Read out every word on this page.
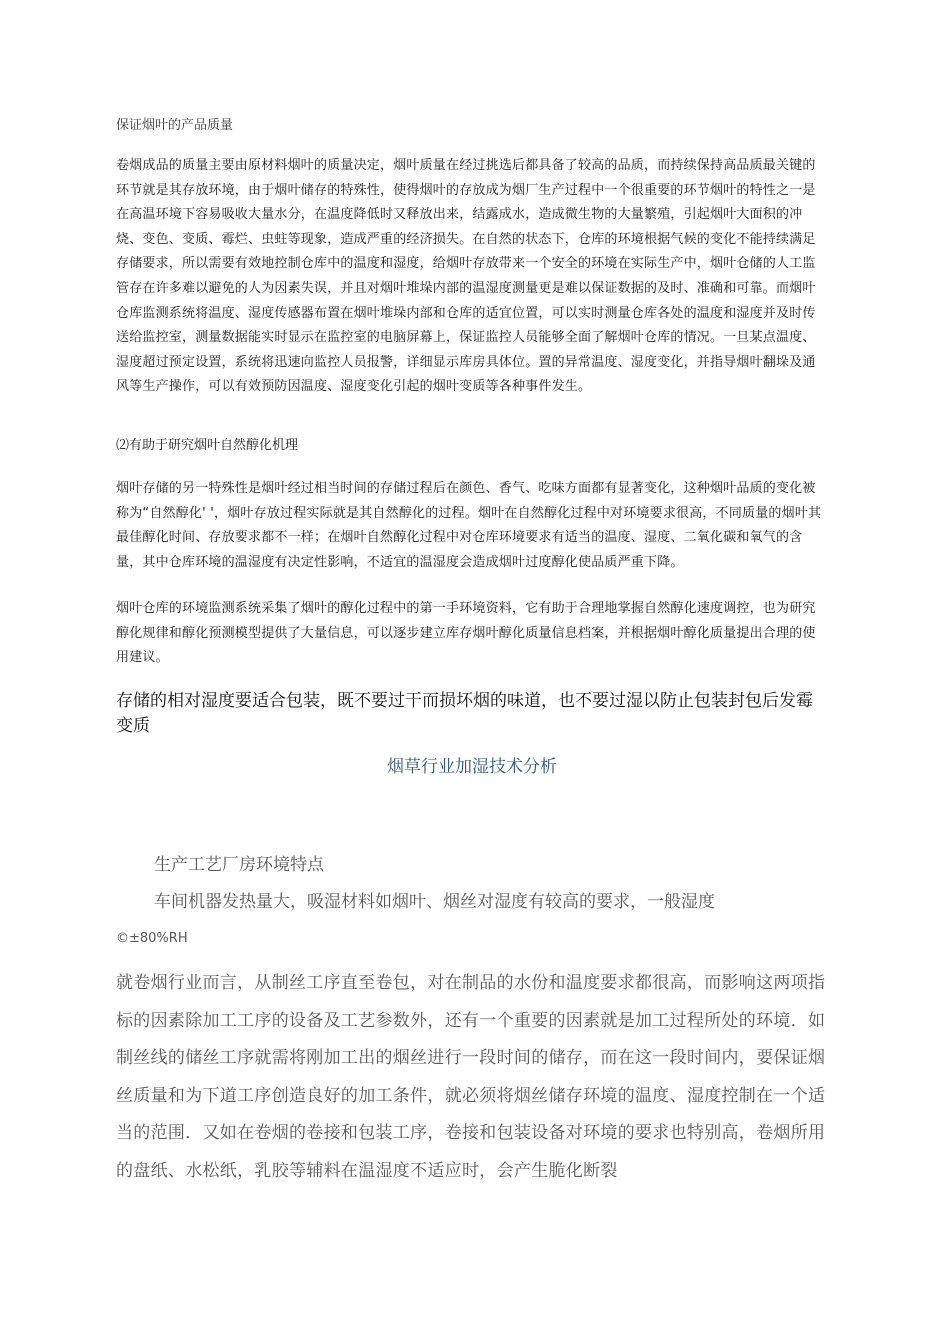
保证烟叶的产品质量

卷烟成品的质量主要由原材料烟叶的质量决定，烟叶质量在经过挑选后都具备了较高的品质，而持续保持高品质最关键的环节就是其存放环境，由于烟叶储存的特殊性，使得烟叶的存放成为烟厂生产过程中一个很重要的环节烟叶的特性之一是在高温环境下容易吸收大量水分，在温度降低时又释放出来，结露成水，造成微生物的大量繁殖，引起烟叶大面积的冲烧、变色、变质、霉烂、虫蛀等现象，造成严重的经济损失。在自然的状态下，仓库的环境根据气候的变化不能持续满足存储要求，所以需要有效地控制仓库中的温度和湿度，给烟叶存放带来一个安全的环境在实际生产中，烟叶仓储的人工监管存在许多难以避免的人为因素失误，并且对烟叶堆垛内部的温湿度测量更是难以保证数据的及时、准确和可靠。而烟叶仓库监测系统将温度、湿度传感器布置在烟叶堆垛内部和仓库的适宜位置，可以实时测量仓库各处的温度和湿度并及时传送给监控室，测量数据能实时显示在监控室的电脑屏幕上，保证监控人员能够全面了解烟叶仓库的情况。一旦某点温度、湿度超过预定设置，系统将迅速向监控人员报警，详细显示库房具体位。置的异常温度、湿度变化，并指导烟叶翻垛及通风等生产操作，可以有效预防因温度、湿度变化引起的烟叶变质等各种事件发生。

⑵有助于研究烟叶自然醇化机理

烟叶存储的另一特殊性是烟叶经过相当时间的存储过程后在颜色、香气、吃味方面都有显著变化，这种烟叶品质的变化被称为“自然醇化' '，烟叶存放过程实际就是其自然醇化的过程。烟叶在自然醇化过程中对环境要求很高，不同质量的烟叶其最佳醇化时间、存放要求都不一样；在烟叶自然醇化过程中对仓库环境要求有适当的温度、湿度、二氧化碳和氧气的含量，其中仓库环境的温湿度有决定性影响，不适宜的温湿度会造成烟叶过度醇化使品质严重下降。

烟叶仓库的环境监测系统采集了烟叶的醇化过程中的第一手环境资料，它有助于合理地掌握自然醇化速度调控，也为研究醇化规律和醇化预测模型提供了大量信息，可以逐步建立库存烟叶醇化质量信息档案，并根据烟叶醇化质量提出合理的使用建议。

存储的相对湿度要适合包装，既不要过干而损坏烟的味道，也不要过湿以防止包装封包后发霉变质

烟草行业加湿技术分析

生产工艺厂房环境特点

车间机器发热量大，吸湿材料如烟叶、烟丝对湿度有较高的要求，一般湿度

©±80%RH

就卷烟行业而言，从制丝工序直至卷包，对在制品的水份和温度要求都很高，而影响这两项指标的因素除加工工序的设备及工艺参数外，还有一个重要的因素就是加工过程所处的环境．如制丝线的储丝工序就需将刚加工出的烟丝进行一段时间的储存，而在这一段时间内，要保证烟丝质量和为下道工序创造良好的加工条件，就必须将烟丝储存环境的温度、湿度控制在一个适当的范围．又如在卷烟的卷接和包装工序，卷接和包装设备对环境的要求也特别高，卷烟所用的盘纸、水松纸，乳胶等辅料在温湿度不适应时，会产生脆化断裂
